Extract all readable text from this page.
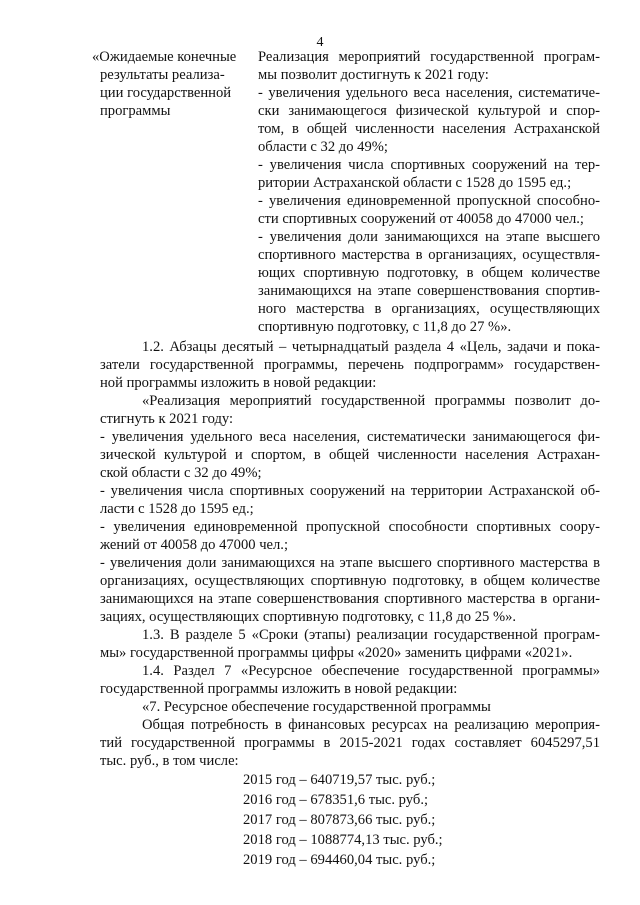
4
«Ожидаемые конечные
результаты реализа-
ции государственной
программы
Реализация мероприятий государственной програм-
мы позволит достигнуть к 2021 году:
- увеличения удельного веса населения, систематиче-
ски занимающегося физической культурой и спор-
том, в общей численности населения Астраханской
области с 32 до 49%;
- увеличения числа спортивных сооружений на тер-
ритории Астраханской области с 1528 до 1595 ед.;
- увеличения единовременной пропускной способно-
сти спортивных сооружений от 40058 до 47000 чел.;
- увеличения доли занимающихся на этапе высшего
спортивного мастерства в организациях, осуществля-
ющих спортивную подготовку, в общем количестве
занимающихся на этапе совершенствования спортив-
ного мастерства в организациях, осуществляющих
спортивную подготовку, с 11,8 до 27 %».
1.2. Абзацы десятый – четырнадцатый раздела 4 «Цель, задачи и пока-
затели государственной программы, перечень подпрограмм» государствен-
ной программы изложить в новой редакции:
«Реализация мероприятий государственной программы позволит до-
стигнуть к 2021 году:
- увеличения удельного веса населения, систематически занимающегося фи-
зической культурой и спортом, в общей численности населения Астрахан-
ской области с 32 до 49%;
- увеличения числа спортивных сооружений на территории Астраханской об-
ласти с 1528 до 1595 ед.;
- увеличения единовременной пропускной способности спортивных соору-
жений от 40058 до 47000 чел.;
- увеличения доли занимающихся на этапе высшего спортивного мастерства в
организациях, осуществляющих спортивную подготовку, в общем количестве
занимающихся на этапе совершенствования спортивного мастерства в органи-
зациях, осуществляющих спортивную подготовку, с 11,8 до 25 %».
1.3. В разделе 5 «Сроки (этапы) реализации государственной програм-
мы» государственной программы цифры «2020» заменить цифрами «2021».
1.4. Раздел 7 «Ресурсное обеспечение государственной программы»
государственной программы изложить в новой редакции:
«7. Ресурсное обеспечение государственной программы
Общая потребность в финансовых ресурсах на реализацию мероприя-
тий государственной программы в 2015-2021 годах составляет 6045297,51
тыс. руб., в том числе:
2015 год – 640719,57 тыс. руб.;
2016 год – 678351,6 тыс. руб.;
2017 год – 807873,66 тыс. руб.;
2018 год – 1088774,13 тыс. руб.;
2019 год – 694460,04 тыс. руб.;
